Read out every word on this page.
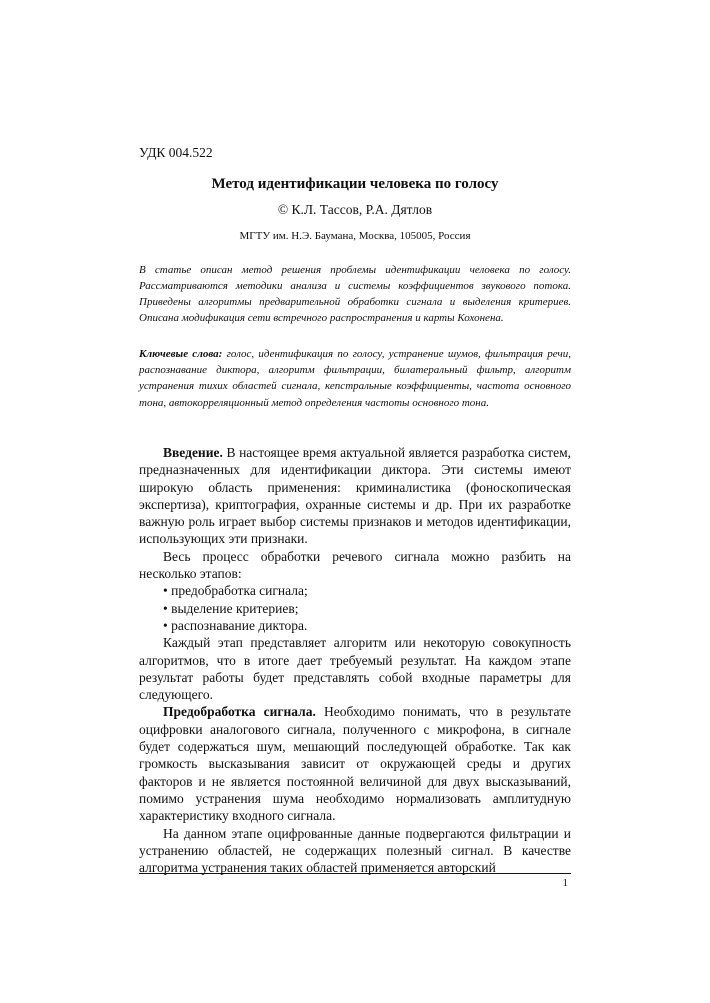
УДК 004.522
Метод идентификации человека по голосу
© К.Л. Тассов, Р.А. Дятлов
МГТУ им. Н.Э. Баумана, Москва, 105005, Россия
В статье описан метод решения проблемы идентификации человека по голосу. Рассматриваются методики анализа и системы коэффициентов звукового потока. Приведены алгоритмы предварительной обработки сигнала и выделения критериев. Описана модификация сети встречного распространения и карты Кохонена.
Ключевые слова: голос, идентификация по голосу, устранение шумов, фильтрация речи, распознавание диктора, алгоритм фильтрации, билатеральный фильтр, алгоритм устранения тихих областей сигнала, кепстральные коэффициенты, частота основного тона, автокорреляционный метод определения частоты основного тона.

Введение. В настоящее время актуальной является разработка систем, предназначенных для идентификации диктора. Эти системы имеют широкую область применения: криминалистика (фоноскопическая экспертиза), криптография, охранные системы и др. При их разработке важную роль играет выбор системы признаков и методов идентификации, использующих эти признаки.

Весь процесс обработки речевого сигнала можно разбить на несколько этапов:

• предобработка сигнала;

• выделение критериев;

• распознавание диктора.

Каждый этап представляет алгоритм или некоторую совокупность алгоритмов, что в итоге дает требуемый результат. На каждом этапе результат работы будет представлять собой входные параметры для следующего.

Предобработка сигнала. Необходимо понимать, что в результате оцифровки аналогового сигнала, полученного с микрофона, в сигнале будет содержаться шум, мешающий последующей обработке. Так как громкость высказывания зависит от окружающей среды и других факторов и не является постоянной величиной для двух высказываний, помимо устранения шума необходимо нормализовать амплитудную характеристику входного сигнала.

На данном этапе оцифрованные данные подвергаются фильтрации и устранению областей, не содержащих полезный сигнал. В качестве алгоритма устранения таких областей применяется авторский

1
